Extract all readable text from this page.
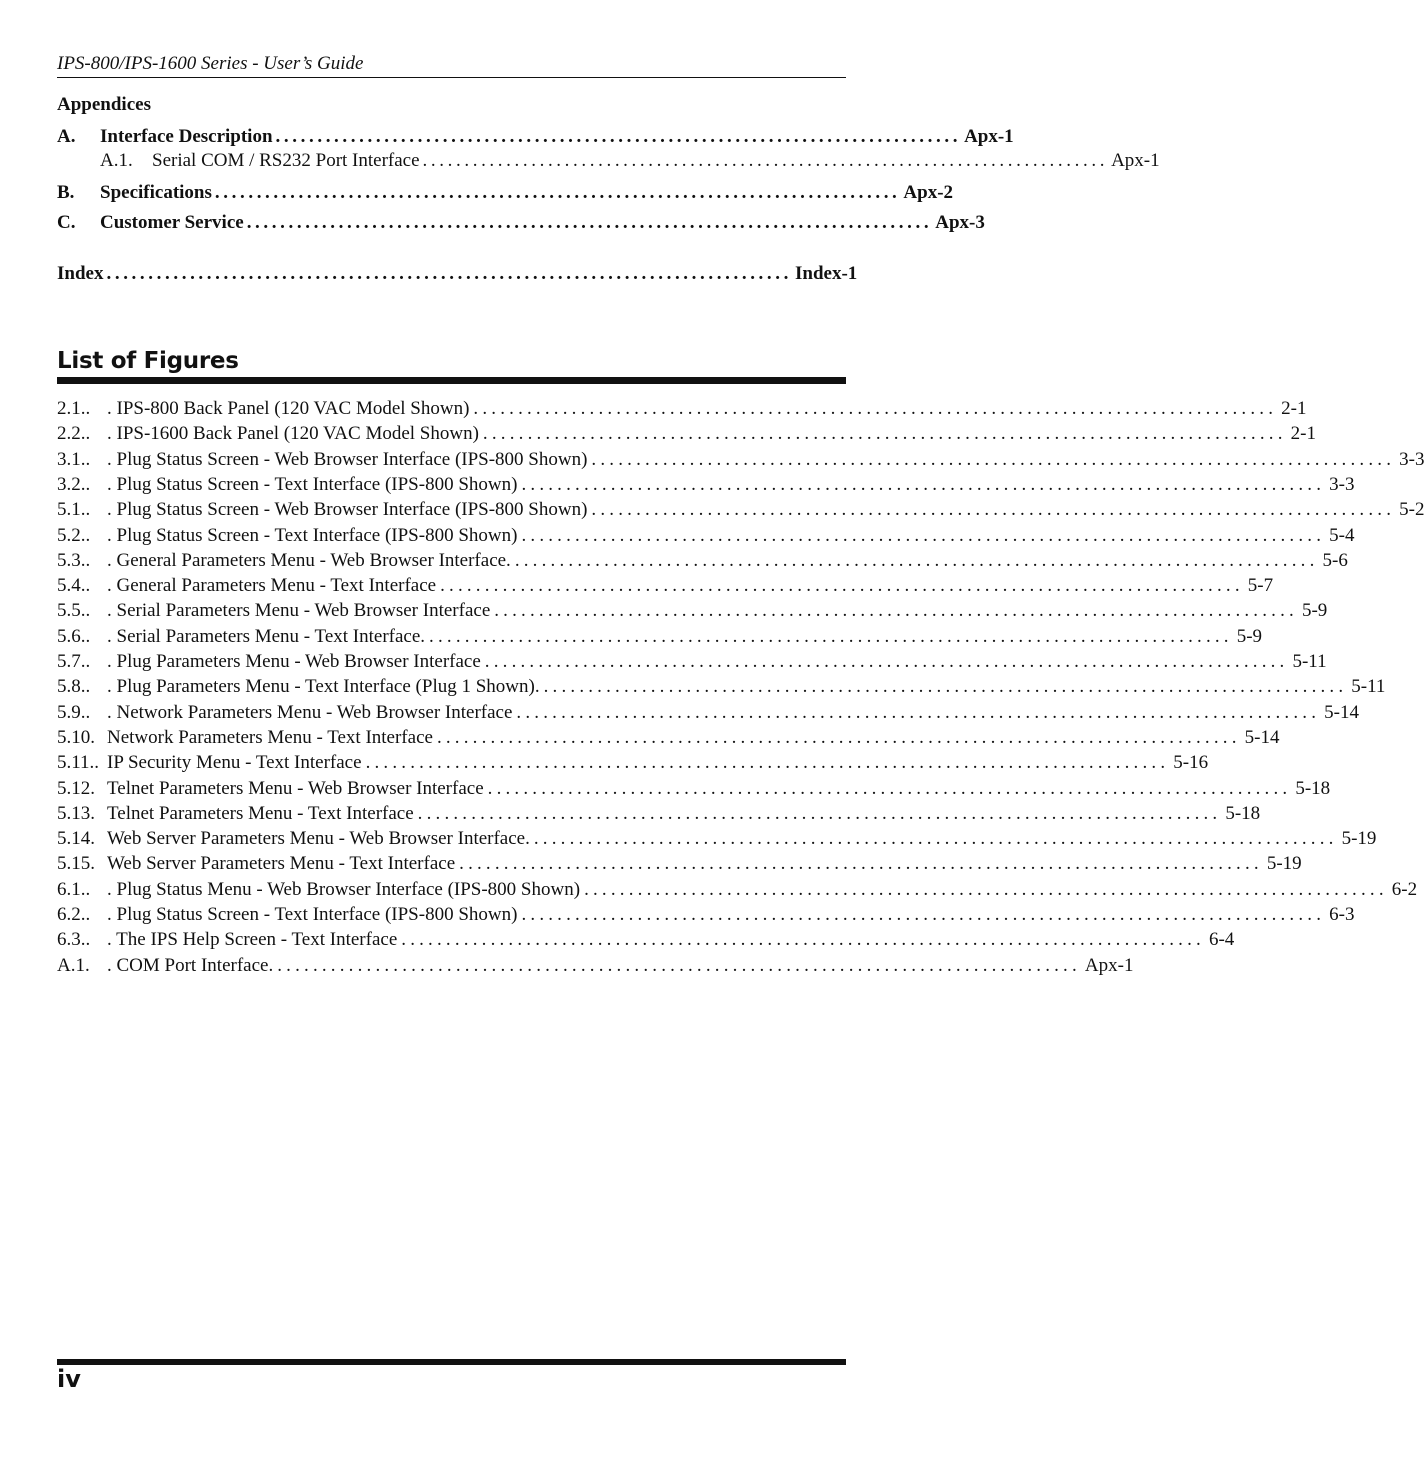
IPS-800/IPS-1600 Series - User’s Guide
Appendices
A.	Interface Description .................................................................................. Apx-1
A.1.	Serial COM / RS232 Port Interface .................................................................................. Apx-1
B.	Specifications .................................................................................. Apx-2
C.	Customer Service .................................................................................. Apx-3
Index .................................................................................. Index-1
List of Figures
2.1.. . IPS-800 Back Panel (120 VAC Model Shown) .......................................................................................... 2-1
2.2.. . IPS-1600 Back Panel (120 VAC Model Shown) .......................................................................................... 2-1
3.1.. . Plug Status Screen - Web Browser Interface (IPS-800 Shown) .......................................................................................... 3-3
3.2.. . Plug Status Screen - Text Interface (IPS-800 Shown) .......................................................................................... 3-3
5.1.. . Plug Status Screen - Web Browser Interface (IPS-800 Shown) .......................................................................................... 5-2
5.2.. . Plug Status Screen - Text Interface (IPS-800 Shown) .......................................................................................... 5-4
5.3.. . General Parameters Menu - Web Browser Interface. .......................................................................................... 5-6
5.4.. . General Parameters Menu - Text Interface .......................................................................................... 5-7
5.5.. . Serial Parameters Menu - Web Browser Interface .......................................................................................... 5-9
5.6.. . Serial Parameters Menu - Text Interface. .......................................................................................... 5-9
5.7.. . Plug Parameters Menu - Web Browser Interface .......................................................................................... 5-11
5.8.. . Plug Parameters Menu - Text Interface (Plug 1 Shown). .......................................................................................... 5-11
5.9.. . Network Parameters Menu - Web Browser Interface .......................................................................................... 5-14
5.10. Network Parameters Menu - Text Interface .......................................................................................... 5-14
5.11.. IP Security Menu - Text Interface .......................................................................................... 5-16
5.12. Telnet Parameters Menu - Web Browser Interface .......................................................................................... 5-18
5.13. Telnet Parameters Menu - Text Interface .......................................................................................... 5-18
5.14. Web Server Parameters Menu - Web Browser Interface. .......................................................................................... 5-19
5.15. Web Server Parameters Menu - Text Interface .......................................................................................... 5-19
6.1.. . Plug Status Menu - Web Browser Interface (IPS-800 Shown) .......................................................................................... 6-2
6.2.. . Plug Status Screen - Text Interface (IPS-800 Shown) .......................................................................................... 6-3
6.3.. . The IPS Help Screen - Text Interface .......................................................................................... 6-4
A.1. . COM Port Interface. .......................................................................................... Apx-1
iv
